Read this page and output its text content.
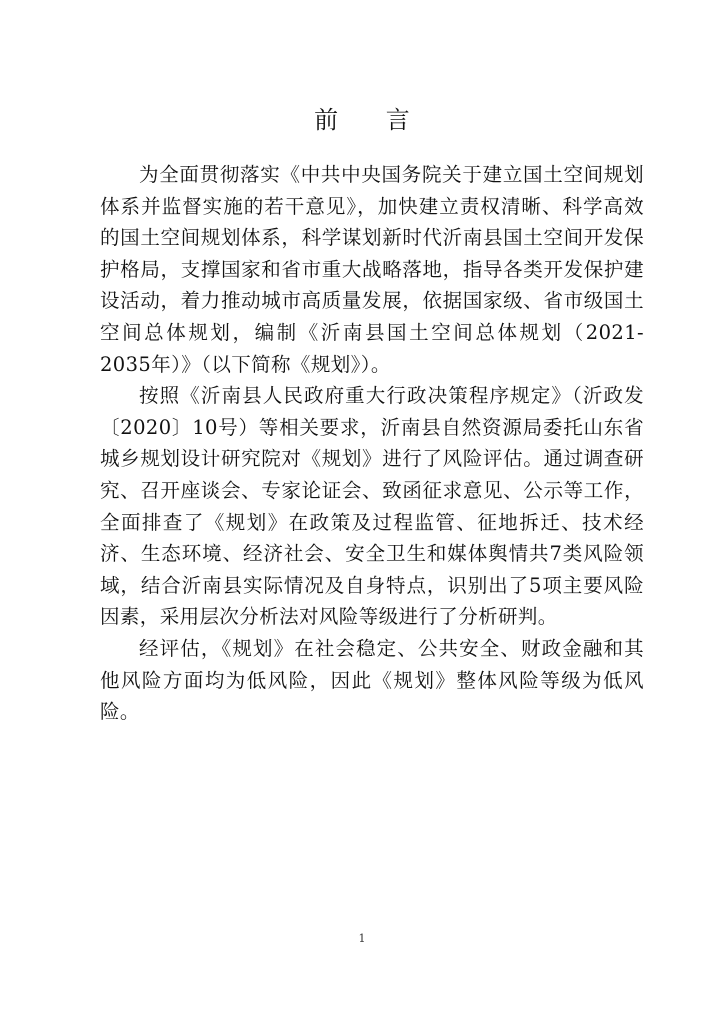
前 言

为全面贯彻落实《中共中央国务院关于建立国土空间规划体系并监督实施的若干意见》，加快建立责权清晰、科学高效的国土空间规划体系，科学谋划新时代沂南县国土空间开发保护格局，支撑国家和省市重大战略落地，指导各类开发保护建设活动，着力推动城市高质量发展，依据国家级、省市级国土空间总体规划，编制《沂南县国土空间总体规划（2021-2035年）》（以下简称《规划》）。

按照《沂南县人民政府重大行政决策程序规定》（沂政发〔2020〕10号）等相关要求，沂南县自然资源局委托山东省城乡规划设计研究院对《规划》进行了风险评估。通过调查研究、召开座谈会、专家论证会、致函征求意见、公示等工作，全面排查了《规划》在政策及过程监管、征地拆迁、技术经济、生态环境、经济社会、安全卫生和媒体舆情共7类风险领域，结合沂南县实际情况及自身特点，识别出了5项主要风险因素，采用层次分析法对风险等级进行了分析研判。

经评估，《规划》在社会稳定、公共安全、财政金融和其他风险方面均为低风险，因此《规划》整体风险等级为低风险。

1
